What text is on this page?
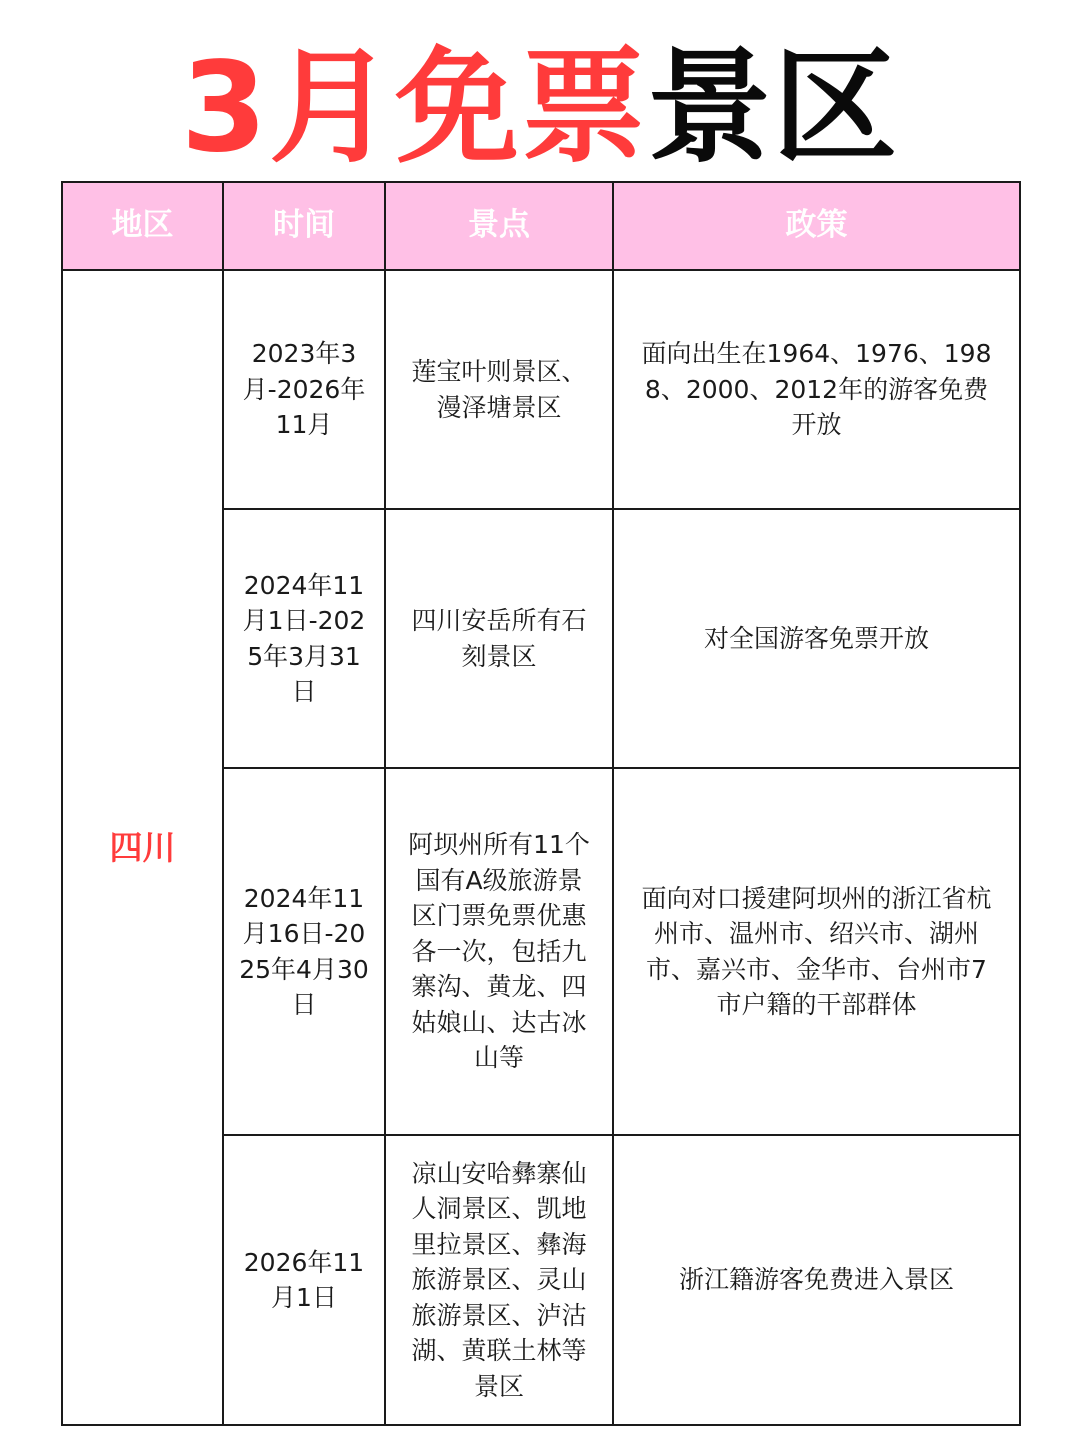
3月免票景区
地区	时间	景点	政策
四川	2023年3月-2026年11月	莲宝叶则景区、漫泽塘景区	面向出生在1964、1976、1988、2000、2012年的游客免费开放
	2024年11月1日-2025年3月31日	四川安岳所有石刻景区	对全国游客免票开放
	2024年11月16日-2025年4月30日	阿坝州所有11个国有A级旅游景区门票免票优惠各一次，包括九寨沟、黄龙、四姑娘山、达古冰山等	面向对口援建阿坝州的浙江省杭州市、温州市、绍兴市、湖州市、嘉兴市、金华市、台州市7市户籍的干部群体
	2026年11月1日	凉山安哈彝寨仙人洞景区、凯地里拉景区、彝海旅游景区、灵山旅游景区、泸沽湖、黄联土林等景区	浙江籍游客免费进入景区
